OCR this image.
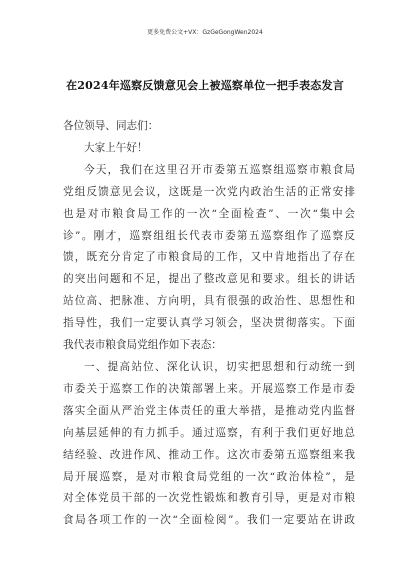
更多免费公文+VX：GzGeGongWen2024
在2024年巡察反馈意见会上被巡察单位一把手表态发言
各位领导、同志们：
大家上午好！
今天，我们在这里召开市委第五巡察组巡察市粮食局
党组反馈意见会议，这既是一次党内政治生活的正常安排
也是对市粮食局工作的一次“全面检查”、一次“集中会
诊”。刚才，巡察组组长代表市委第五巡察组作了巡察反
馈，既充分肯定了市粮食局的工作，又中肯地指出了存在
的突出问题和不足，提出了整改意见和要求。组长的讲话
站位高、把脉准、方向明，具有很强的政治性、思想性和
指导性，我们一定要认真学习领会，坚决贯彻落实。下面
我代表市粮食局党组作如下表态：
一、提高站位、深化认识，切实把思想和行动统一到
市委关于巡察工作的决策部署上来。开展巡察工作是市委
落实全面从严治党主体责任的重大举措，是推动党内监督
向基层延伸的有力抓手。通过巡察，有利于我们更好地总
结经验、改进作风、推动工作。这次市委第五巡察组来我
局开展巡察，是对市粮食局党组的一次“政治体检”，是
对全体党员干部的一次党性锻炼和教育引导，更是对市粮
食局各项工作的一次“全面检阅”。我们一定要站在讲政
